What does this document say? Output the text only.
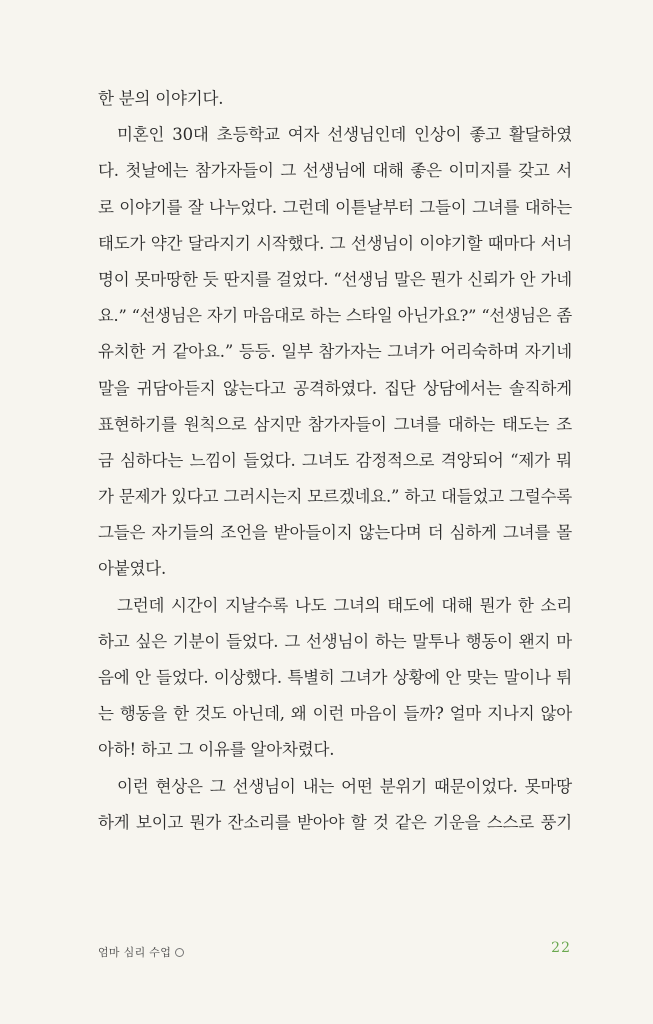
한 분의 이야기다.
미혼인 30대 초등학교 여자 선생님인데 인상이 좋고 활달하였
다. 첫날에는 참가자들이 그 선생님에 대해 좋은 이미지를 갖고 서
로 이야기를 잘 나누었다. 그런데 이튿날부터 그들이 그녀를 대하는
태도가 약간 달라지기 시작했다. 그 선생님이 이야기할 때마다 서너
명이 못마땅한 듯 딴지를 걸었다. “선생님 말은 뭔가 신뢰가 안 가네
요.” “선생님은 자기 마음대로 하는 스타일 아닌가요?” “선생님은 좀
유치한 거 같아요.” 등등. 일부 참가자는 그녀가 어리숙하며 자기네
말을 귀담아듣지 않는다고 공격하였다. 집단 상담에서는 솔직하게
표현하기를 원칙으로 삼지만 참가자들이 그녀를 대하는 태도는 조
금 심하다는 느낌이 들었다. 그녀도 감정적으로 격앙되어 “제가 뭐
가 문제가 있다고 그러시는지 모르겠네요.” 하고 대들었고 그럴수록
그들은 자기들의 조언을 받아들이지 않는다며 더 심하게 그녀를 몰
아붙였다.
그런데 시간이 지날수록 나도 그녀의 태도에 대해 뭔가 한 소리
하고 싶은 기분이 들었다. 그 선생님이 하는 말투나 행동이 왠지 마
음에 안 들었다. 이상했다. 특별히 그녀가 상황에 안 맞는 말이나 튀
는 행동을 한 것도 아닌데, 왜 이런 마음이 들까? 얼마 지나지 않아
아하! 하고 그 이유를 알아차렸다.
이런 현상은 그 선생님이 내는 어떤 분위기 때문이었다. 못마땅
하게 보이고 뭔가 잔소리를 받아야 할 것 같은 기운을 스스로 풍기
엄마 심리 수업	22
